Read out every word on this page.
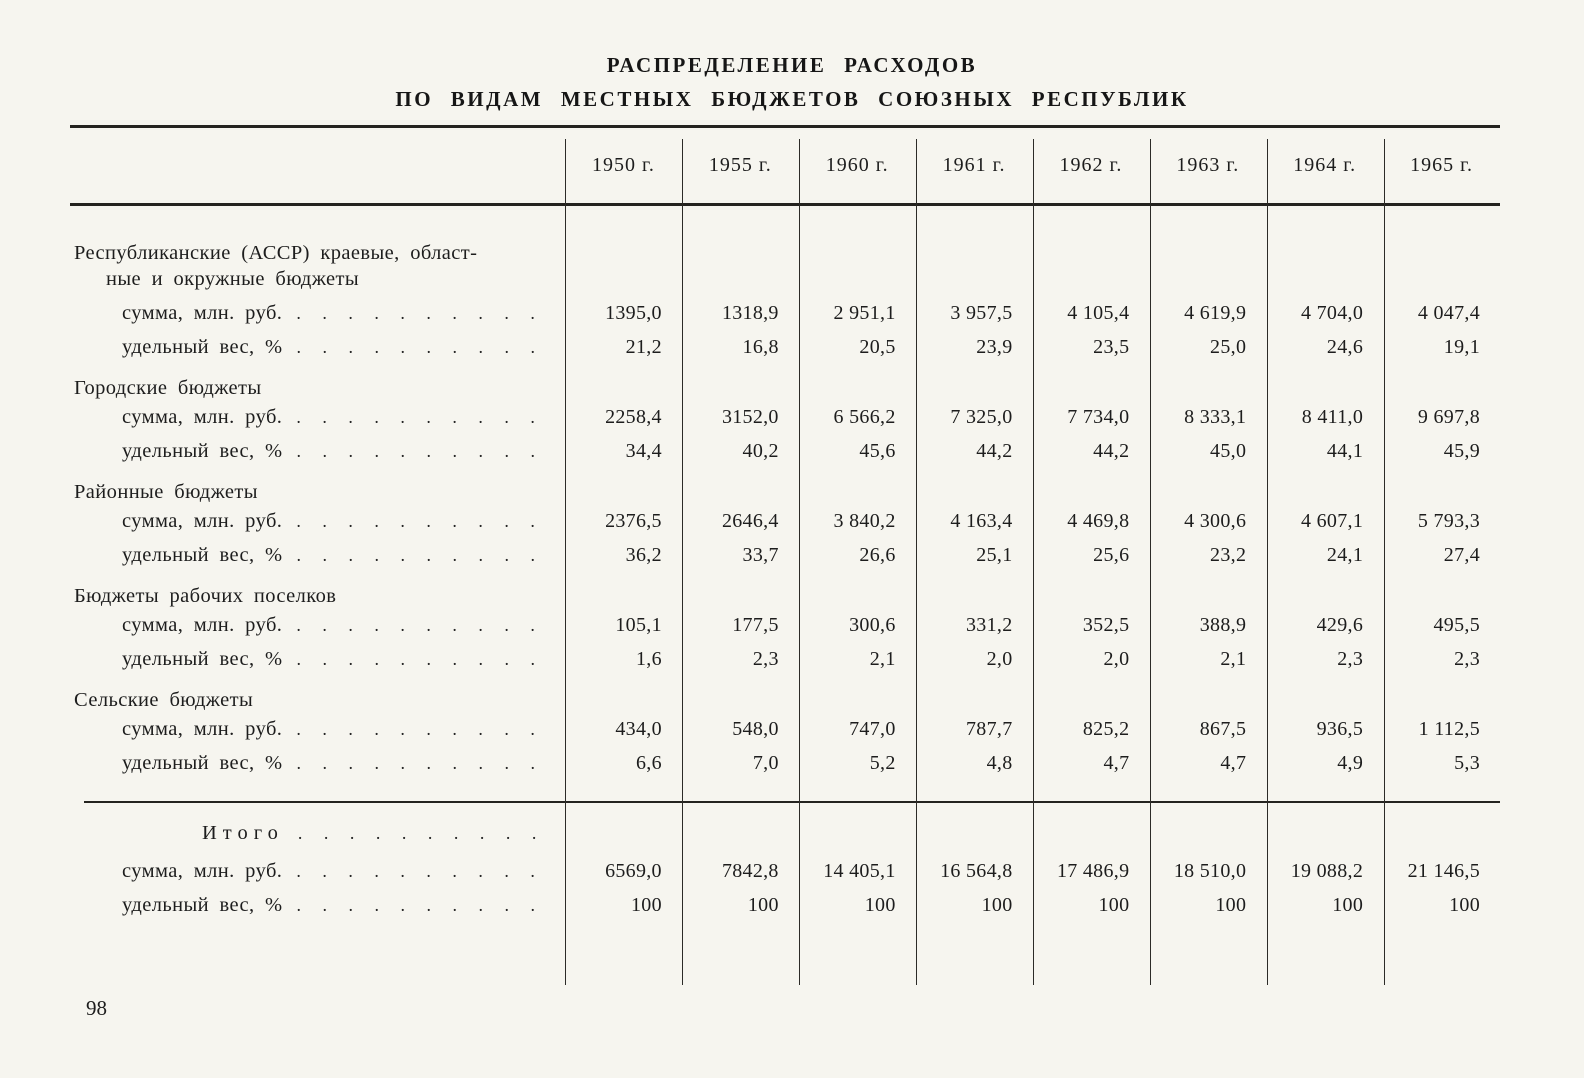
РАСПРЕДЕЛЕНИЕ РАСХОДОВ
ПО ВИДАМ МЕСТНЫХ БЮДЖЕТОВ СОЮЗНЫХ РЕСПУБЛИК
1950 г.	1955 г.	1960 г.	1961 г.	1962 г.	1963 г.	1964 г.	1965 г.
Республиканские (АССР) краевые, област-
ные и окружные бюджеты
сумма, млн. руб. . . . . . . . . . .	1395,0	1318,9	2 951,1	3 957,5	4 105,4	4 619,9	4 704,0	4 047,4
удельный вес, % . . . . . . . . . .	21,2	16,8	20,5	23,9	23,5	25,0	24,6	19,1
Городские бюджеты
сумма, млн. руб. . . . . . . . . . .	2258,4	3152,0	6 566,2	7 325,0	7 734,0	8 333,1	8 411,0	9 697,8
удельный вес, % . . . . . . . . . .	34,4	40,2	45,6	44,2	44,2	45,0	44,1	45,9
Районные бюджеты
сумма, млн. руб. . . . . . . . . . .	2376,5	2646,4	3 840,2	4 163,4	4 469,8	4 300,6	4 607,1	5 793,3
удельный вес, % . . . . . . . . . .	36,2	33,7	26,6	25,1	25,6	23,2	24,1	27,4
Бюджеты рабочих поселков
сумма, млн. руб. . . . . . . . . . .	105,1	177,5	300,6	331,2	352,5	388,9	429,6	495,5
удельный вес, % . . . . . . . . . .	1,6	2,3	2,1	2,0	2,0	2,1	2,3	2,3
Сельские бюджеты
сумма, млн. руб. . . . . . . . . . .	434,0	548,0	747,0	787,7	825,2	867,5	936,5	1 112,5
удельный вес, % . . . . . . . . . .	6,6	7,0	5,2	4,8	4,7	4,7	4,9	5,3
Итого . . . . . . . . . .
сумма, млн. руб. . . . . . . . . . .	6569,0	7842,8	14 405,1	16 564,8	17 486,9	18 510,0	19 088,2	21 146,5
удельный вес, % . . . . . . . . . .	100	100	100	100	100	100	100	100
98
